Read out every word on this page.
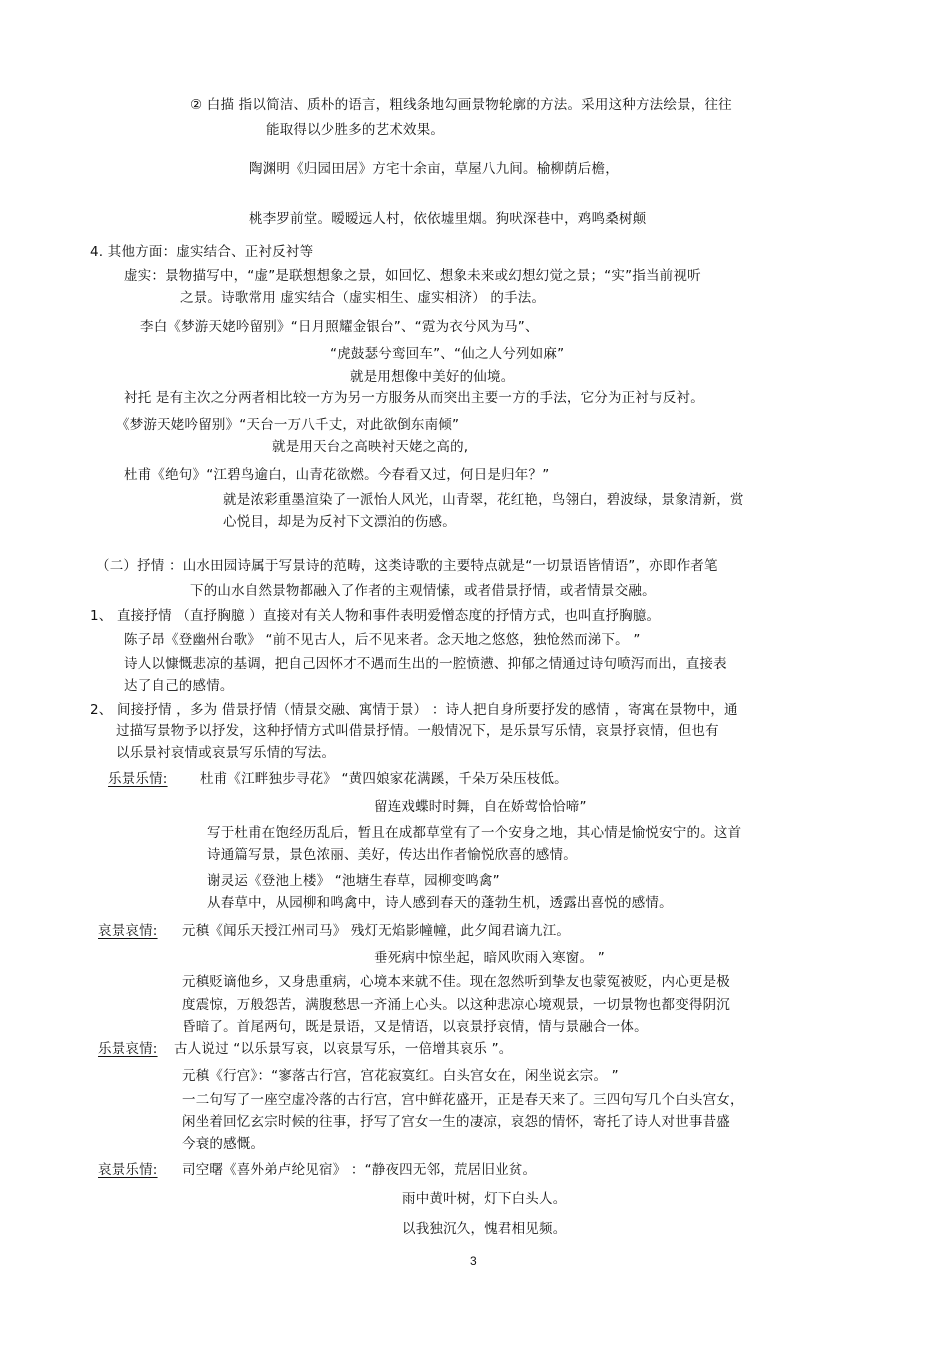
② 白描 指以简洁、质朴的语言，粗线条地勾画景物轮廓的方法。采用这种方法绘景，往往
能取得以少胜多的艺术效果。
陶渊明《归园田居》方宅十余亩，草屋八九间。榆柳荫后檐，
桃李罗前堂。暧暧远人村，依依墟里烟。狗吠深巷中，鸡鸣桑树颠
4. 其他方面：虚实结合、正衬反衬等
虚实：景物描写中，“虚”是联想想象之景，如回忆、想象未来或幻想幻觉之景；“实”指当前视听
之景。诗歌常用 虚实结合（虚实相生、虚实相济） 的手法。
李白《梦游天姥吟留别》“日月照耀金银台”、“霓为衣兮风为马”、
“虎鼓瑟兮鸾回车”、“仙之人兮列如麻”
就是用想像中美好的仙境。
衬托 是有主次之分两者相比较一方为另一方服务从而突出主要一方的手法，它分为正衬与反衬。
《梦游天姥吟留别》“天台一万八千丈，对此欲倒东南倾”
就是用天台之高映衬天姥之高的,
杜甫《绝句》“江碧鸟逾白，山青花欲燃。今春看又过，何日是归年？”
就是浓彩重墨渲染了一派怡人风光，山青翠，花红艳，鸟翎白，碧波绿，景象清新，赏
心悦目，却是为反衬下文漂泊的伤感。
（二）抒情 ：山水田园诗属于写景诗的范畴，这类诗歌的主要特点就是“一切景语皆情语”，亦即作者笔
下的山水自然景物都融入了作者的主观情愫，或者借景抒情，或者情景交融。
1、 直接抒情 （直抒胸臆 ）直接对有关人物和事件表明爱憎态度的抒情方式，也叫直抒胸臆。
陈子昂《登幽州台歌》 “前不见古人，后不见来者。念天地之悠悠，独怆然而涕下。 ”
诗人以慷慨悲凉的基调，把自己因怀才不遇而生出的一腔愤懑、抑郁之情通过诗句喷泻而出，直接表
达了自己的感情。
2、 间接抒情 ，多为 借景抒情（情景交融、寓情于景） ：诗人把自身所要抒发的感情 ，寄寓在景物中，通
过描写景物予以抒发，这种抒情方式叫借景抒情。一般情况下，是乐景写乐情，哀景抒哀情，但也有
以乐景衬哀情或哀景写乐情的写法。
乐景乐情: 杜甫《江畔独步寻花》 “黄四娘家花满蹊，千朵万朵压枝低。
留连戏蝶时时舞，自在娇莺恰恰啼”
写于杜甫在饱经历乱后，暂且在成都草堂有了一个安身之地，其心情是愉悦安宁的。这首
诗通篇写景，景色浓丽、美好，传达出作者愉悦欣喜的感情。
谢灵运《登池上楼》 “池塘生春草，园柳变鸣禽”
从春草中，从园柳和鸣禽中，诗人感到春天的蓬勃生机，透露出喜悦的感情。
哀景哀情: 元稹《闻乐天授江州司马》 残灯无焰影幢幢，此夕闻君谪九江。
垂死病中惊坐起，暗风吹雨入寒窗。 ”
元稹贬谪他乡，又身患重病，心境本来就不佳。现在忽然听到挚友也蒙冤被贬，内心更是极
度震惊，万般怨苦，满腹愁思一齐涌上心头。以这种悲凉心境观景，一切景物也都变得阴沉
昏暗了。首尾两句，既是景语，又是情语，以哀景抒哀情，情与景融合一体。
乐景哀情: 古人说过 “以乐景写哀，以哀景写乐，一倍增其哀乐 ”。
元稹《行宫》：“寥落古行宫，宫花寂寞红。白头宫女在，闲坐说玄宗。 ”
一二句写了一座空虚冷落的古行宫，宫中鲜花盛开，正是春天来了。三四句写几个白头宫女，
闲坐着回忆玄宗时候的往事，抒写了宫女一生的凄凉，哀怨的情怀，寄托了诗人对世事昔盛
今衰的感慨。
哀景乐情: 司空曙《喜外弟卢纶见宿》 ：“静夜四无邻，荒居旧业贫。
雨中黄叶树，灯下白头人。
以我独沉久，愧君相见频。
3
